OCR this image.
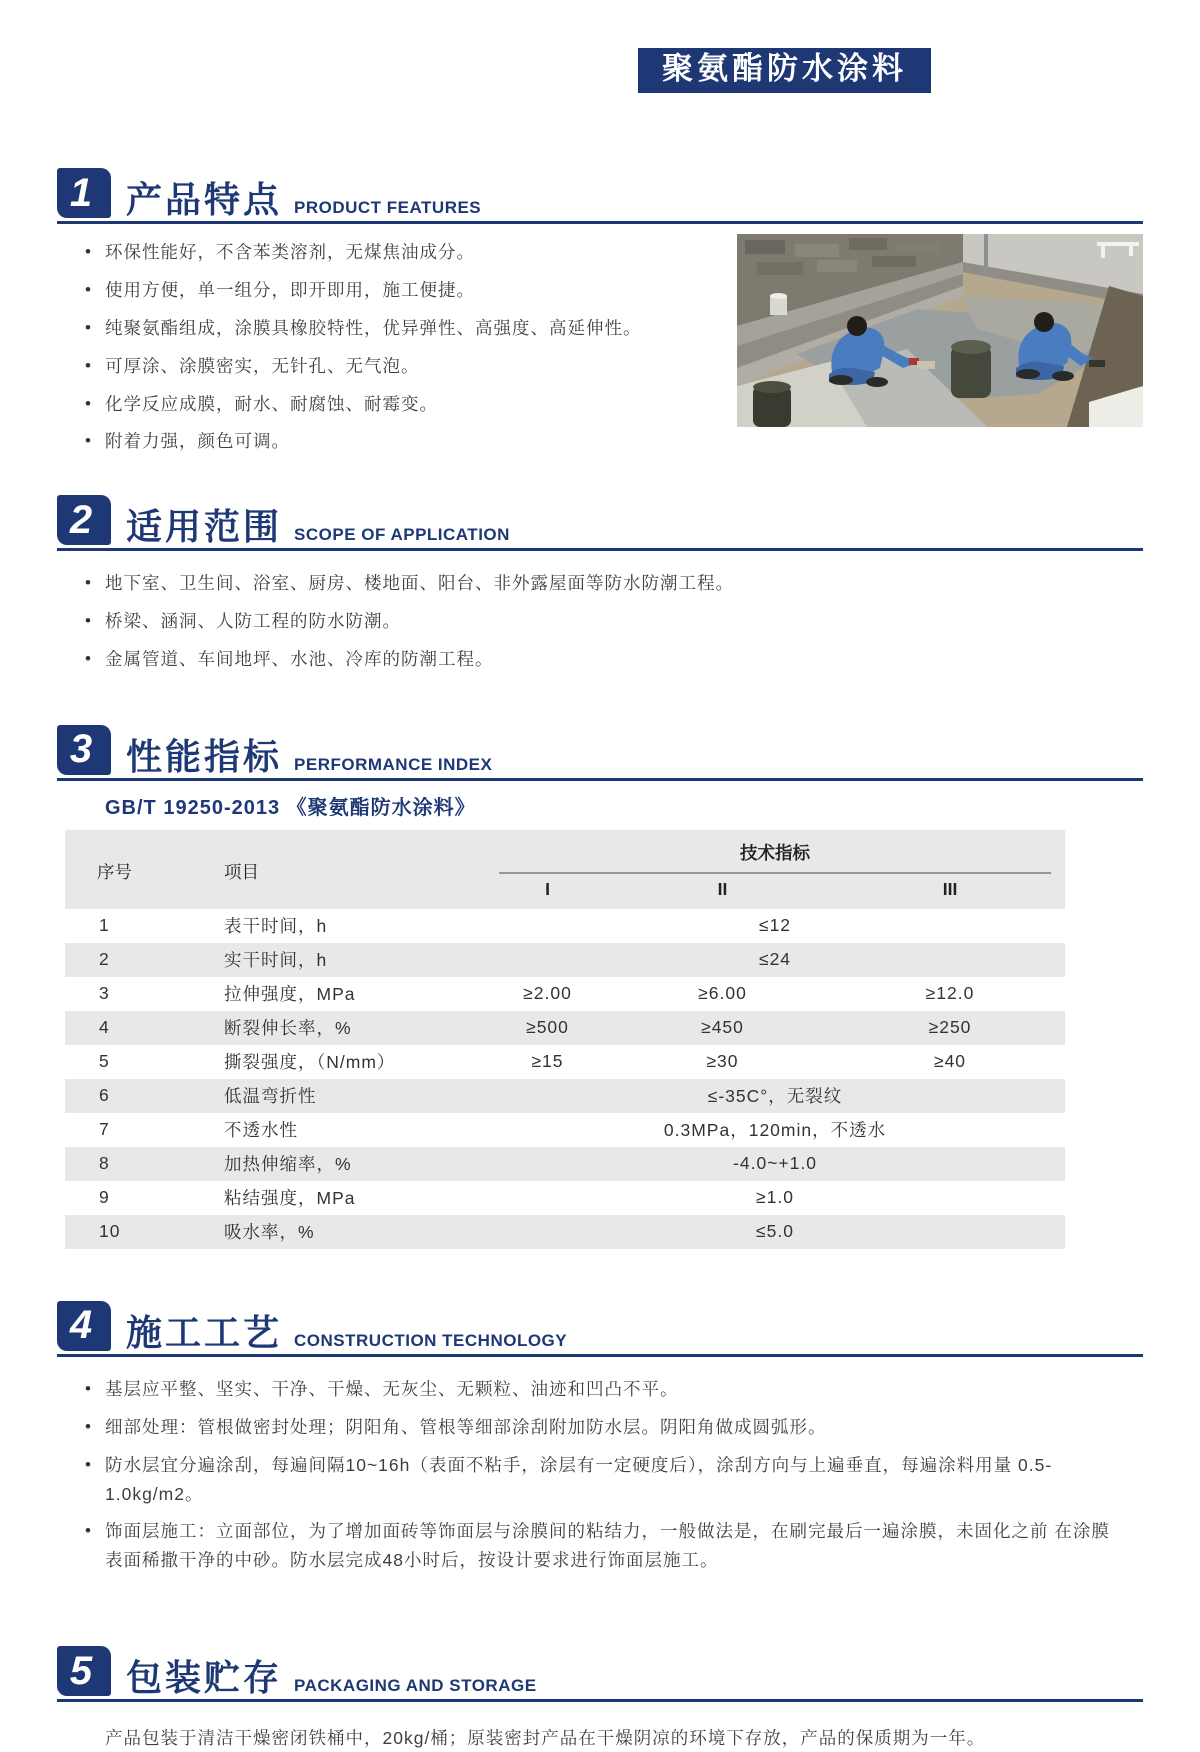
聚氨酯防水涂料
1 产品特点 PRODUCT FEATURES
• 环保性能好，不含苯类溶剂，无煤焦油成分。
• 使用方便，单一组分，即开即用，施工便捷。
• 纯聚氨酯组成，涂膜具橡胶特性，优异弹性、高强度、高延伸性。
• 可厚涂、涂膜密实，无针孔、无气泡。
• 化学反应成膜，耐水、耐腐蚀、耐霉变。
• 附着力强，颜色可调。
2 适用范围 SCOPE OF APPLICATION
• 地下室、卫生间、浴室、厨房、楼地面、阳台、非外露屋面等防水防潮工程。
• 桥梁、涵洞、人防工程的防水防潮。
• 金属管道、车间地坪、水池、冷库的防潮工程。
3 性能指标 PERFORMANCE INDEX
GB/T 19250-2013 《聚氨酯防水涂料》
序号	项目	技术指标		

		I	II	III
1	表干时间，h	≤12		
2	实干时间，h	≤24		
3	拉伸强度，MPa	≥2.00	≥6.00	≥12.0
4	断裂伸长率，%	≥500	≥450	≥250
5	撕裂强度，（N/mm）	≥15	≥30	≥40
6	低温弯折性	≤-35C°，无裂纹		
7	不透水性	0.3MPa，120min，不透水		
8	加热伸缩率，%	-4.0~+1.0		
9	粘结强度，MPa	≥1.0		
10	吸水率，%	≤5.0		
4 施工工艺 CONSTRUCTION TECHNOLOGY
• 基层应平整、坚实、干净、干燥、无灰尘、无颗粒、油迹和凹凸不平。
• 细部处理：管根做密封处理；阴阳角、管根等细部涂刮附加防水层。阴阳角做成圆弧形。
• 防水层宜分遍涂刮，每遍间隔10~16h（表面不粘手，涂层有一定硬度后），涂刮方向与上遍垂直，每遍涂料用量 0.5-1.0kg/m2。
• 饰面层施工：立面部位，为了增加面砖等饰面层与涂膜间的粘结力，一般做法是，在刷完最后一遍涂膜，未固化之前 在涂膜表面稀撒干净的中砂。防水层完成48小时后，按设计要求进行饰面层施工。
5 包装贮存 PACKAGING AND STORAGE
产品包装于清洁干燥密闭铁桶中，20kg/桶；原装密封产品在干燥阴凉的环境下存放，产品的保质期为一年。
